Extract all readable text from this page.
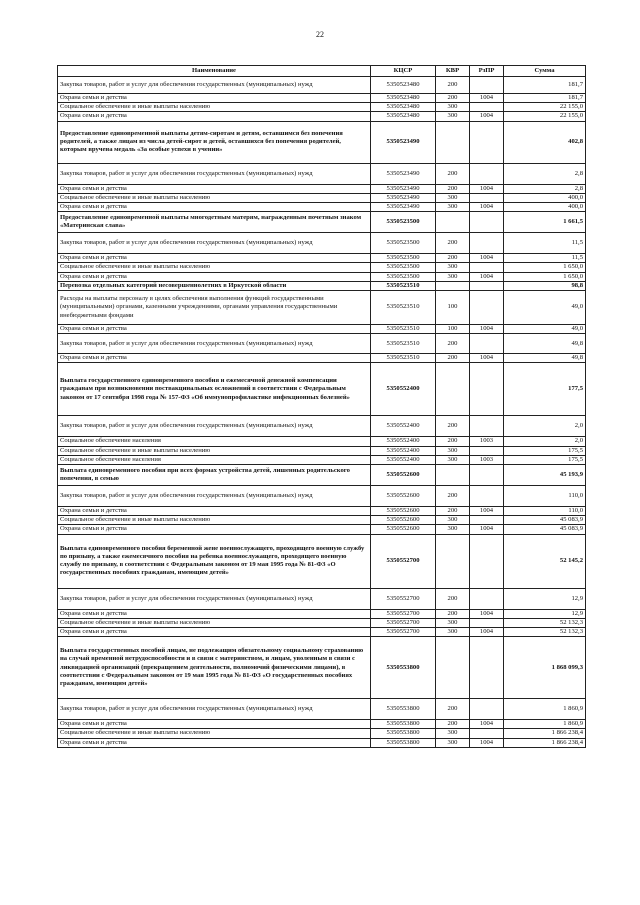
22
Наименование	КЦСР	КВР	РзПР	Сумма
Закупка товаров, работ и услуг для обеспечения государственных (муниципальных) нужд	5350523480	200		181,7
Охрана семьи и детства	5350523480	200	1004	181,7
Социальное обеспечение и иные выплаты населению	5350523480	300		22 155,0
Охрана семьи и детства	5350523480	300	1004	22 155,0
Предоставление единовременной выплаты детям-сиротам и детям, оставшимся без попечения родителей, а также лицам из числа детей-сирот и детей, оставшихся без попечения родителей, которым вручена медаль «За особые успехи в учении»	5350523490			402,8
Закупка товаров, работ и услуг для обеспечения государственных (муниципальных) нужд	5350523490	200		2,8
Охрана семьи и детства	5350523490	200	1004	2,8
Социальное обеспечение и иные выплаты населению	5350523490	300		400,0
Охрана семьи и детства	5350523490	300	1004	400,0
Предоставление единовременной выплаты многодетным матерям, награжденным почетным знаком «Материнская слава»	5350523500			1 661,5
Закупка товаров, работ и услуг для обеспечения государственных (муниципальных) нужд	5350523500	200		11,5
Охрана семьи и детства	5350523500	200	1004	11,5
Социальное обеспечение и иные выплаты населению	5350523500	300		1 650,0
Охрана семьи и детства	5350523500	300	1004	1 650,0
Перевозка отдельных категорий несовершеннолетних в Иркутской области	5350523510			98,8
Расходы на выплаты персоналу в целях обеспечения выполнения функций государственными (муниципальными) органами, казенными учреждениями, органами управления государственными внебюджетными фондами	5350523510	100		49,0
Охрана семьи и детства	5350523510	100	1004	49,0
Закупка товаров, работ и услуг для обеспечения государственных (муниципальных) нужд	5350523510	200		49,8
Охрана семьи и детства	5350523510	200	1004	49,8
Выплата государственного единовременного пособия и ежемесячной денежной компенсации гражданам при возникновении поствакцинальных осложнений в соответствии с Федеральным законом от 17 сентября 1998 года № 157-ФЗ «Об иммунопрофилактике инфекционных болезней»	5350552400			177,5
Закупка товаров, работ и услуг для обеспечения государственных (муниципальных) нужд	5350552400	200		2,0
Социальное обеспечение населения	5350552400	200	1003	2,0
Социальное обеспечение и иные выплаты населению	5350552400	300		175,5
Социальное обеспечение населения	5350552400	300	1003	175,5
Выплата единовременного пособия при всех формах устройства детей, лишенных родительского попечения, в семью	5350552600			45 193,9
Закупка товаров, работ и услуг для обеспечения государственных (муниципальных) нужд	5350552600	200		110,0
Охрана семьи и детства	5350552600	200	1004	110,0
Социальное обеспечение и иные выплаты населению	5350552600	300		45 083,9
Охрана семьи и детства	5350552600	300	1004	45 083,9
Выплата единовременного пособия беременной жене военнослужащего, проходящего военную службу по призыву, а также ежемесячного пособия на ребенка военнослужащего, проходящего военную службу по призыву, в соответствии с Федеральным законом от 19 мая 1995 года № 81-ФЗ «О государственных пособиях гражданам, имеющим детей»	5350552700			52 145,2
Закупка товаров, работ и услуг для обеспечения государственных (муниципальных) нужд	5350552700	200		12,9
Охрана семьи и детства	5350552700	200	1004	12,9
Социальное обеспечение и иные выплаты населению	5350552700	300		52 132,3
Охрана семьи и детства	5350552700	300	1004	52 132,3
Выплата государственных пособий лицам, не подлежащим обязательному социальному страхованию на случай временной нетрудоспособности и в связи с материнством, и лицам, уволенным в связи с ликвидацией организаций (прекращением деятельности, полномочий физическими лицами), в соответствии с Федеральным законом от 19 мая 1995 года № 81-ФЗ «О государственных пособиях гражданам, имеющим детей»	5350553800			1 868 099,3
Закупка товаров, работ и услуг для обеспечения государственных (муниципальных) нужд	5350553800	200		1 860,9
Охрана семьи и детства	5350553800	200	1004	1 860,9
Социальное обеспечение и иные выплаты населению	5350553800	300		1 866 238,4
Охрана семьи и детства	5350553800	300	1004	1 866 238,4
